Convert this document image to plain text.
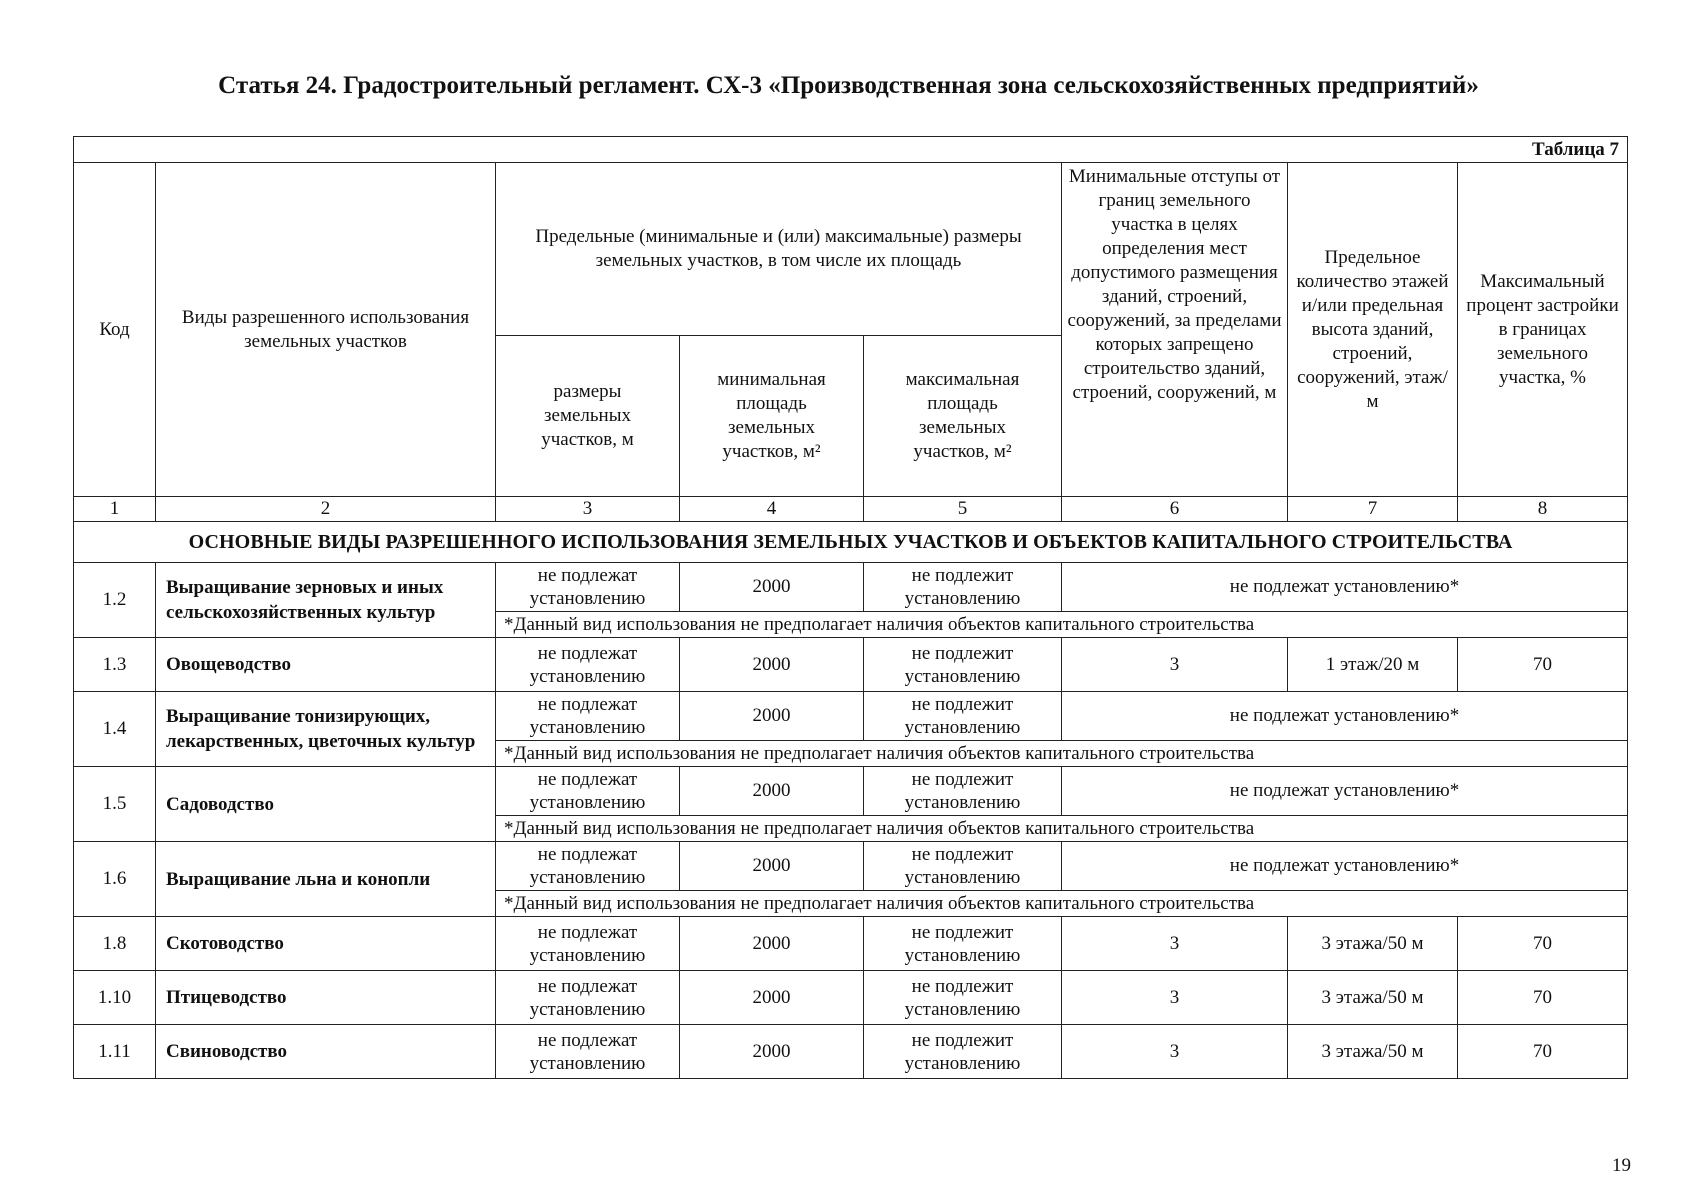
Статья 24. Градостроительный регламент. СХ-3 «Производственная зона сельскохозяйственных предприятий»
Таблица 7							
Код	Виды разрешенного использования земельных участков	Предельные (минимальные и (или) максимальные) размеры земельных участков, в том числе их площадь			Минимальные отступы от границ земельного участка в целях определения мест допустимого размещения зданий, строений, сооружений, за пределами которых запрещено строительство зданий, строений, сооружений, м	Предельное количество этажей и/или предельная высота зданий, строений, сооружений, этаж/м	Максимальный процент застройки в границах земельного участка, %
		размеры земельных участков, м	минимальная площадь земельных участков, м²	максимальная площадь земельных участков, м²			
1	2	3	4	5	6	7	8
ОСНОВНЫЕ ВИДЫ РАЗРЕШЕННОГО ИСПОЛЬЗОВАНИЯ ЗЕМЕЛЬНЫХ УЧАСТКОВ И ОБЪЕКТОВ КАПИТАЛЬНОГО СТРОИТЕЛЬСТВА							
1.2	Выращивание зерновых и иных сельскохозяйственных культур	не подлежат установлению	2000	не подлежит установлению	не подлежат установлению*		
		*Данный вид использования не предполагает наличия объектов капитального строительства					
1.3	Овощеводство	не подлежат установлению	2000	не подлежит установлению	3	1 этаж/20 м	70
1.4	Выращивание тонизирующих, лекарственных, цветочных культур	не подлежат установлению	2000	не подлежит установлению	не подлежат установлению*		
		*Данный вид использования не предполагает наличия объектов капитального строительства					
1.5	Садоводство	не подлежат установлению	2000	не подлежит установлению	не подлежат установлению*		
		*Данный вид использования не предполагает наличия объектов капитального строительства					
1.6	Выращивание льна и конопли	не подлежат установлению	2000	не подлежит установлению	не подлежат установлению*		
		*Данный вид использования не предполагает наличия объектов капитального строительства					
1.8	Скотоводство	не подлежат установлению	2000	не подлежит установлению	3	3 этажа/50 м	70
1.10	Птицеводство	не подлежат установлению	2000	не подлежит установлению	3	3 этажа/50 м	70
1.11	Свиноводство	не подлежат установлению	2000	не подлежит установлению	3	3 этажа/50 м	70
19
